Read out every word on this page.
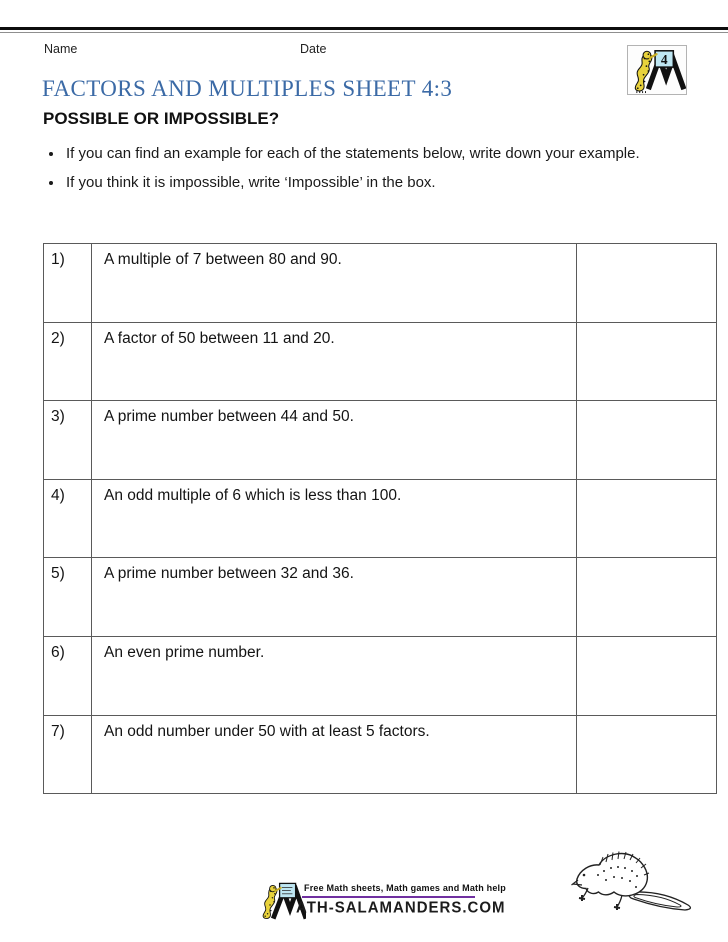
Name	Date
4
FACTORS AND MULTIPLES SHEET 4:3
POSSIBLE OR IMPOSSIBLE?
• If you can find an example for each of the statements below, write down your example.
• If you think it is impossible, write ‘Impossible’ in the box.
1)	A multiple of 7 between 80 and 90.	
2)	A factor of 50 between 11 and 20.	
3)	A prime number between 44 and 50.	
4)	An odd multiple of 6 which is less than 100.	
5)	A prime number between 32 and 36.	
6)	An even prime number.	
7)	An odd number under 50 with at least 5 factors.	
Free Math sheets, Math games and Math help
ATH-SALAMANDERS.COM
